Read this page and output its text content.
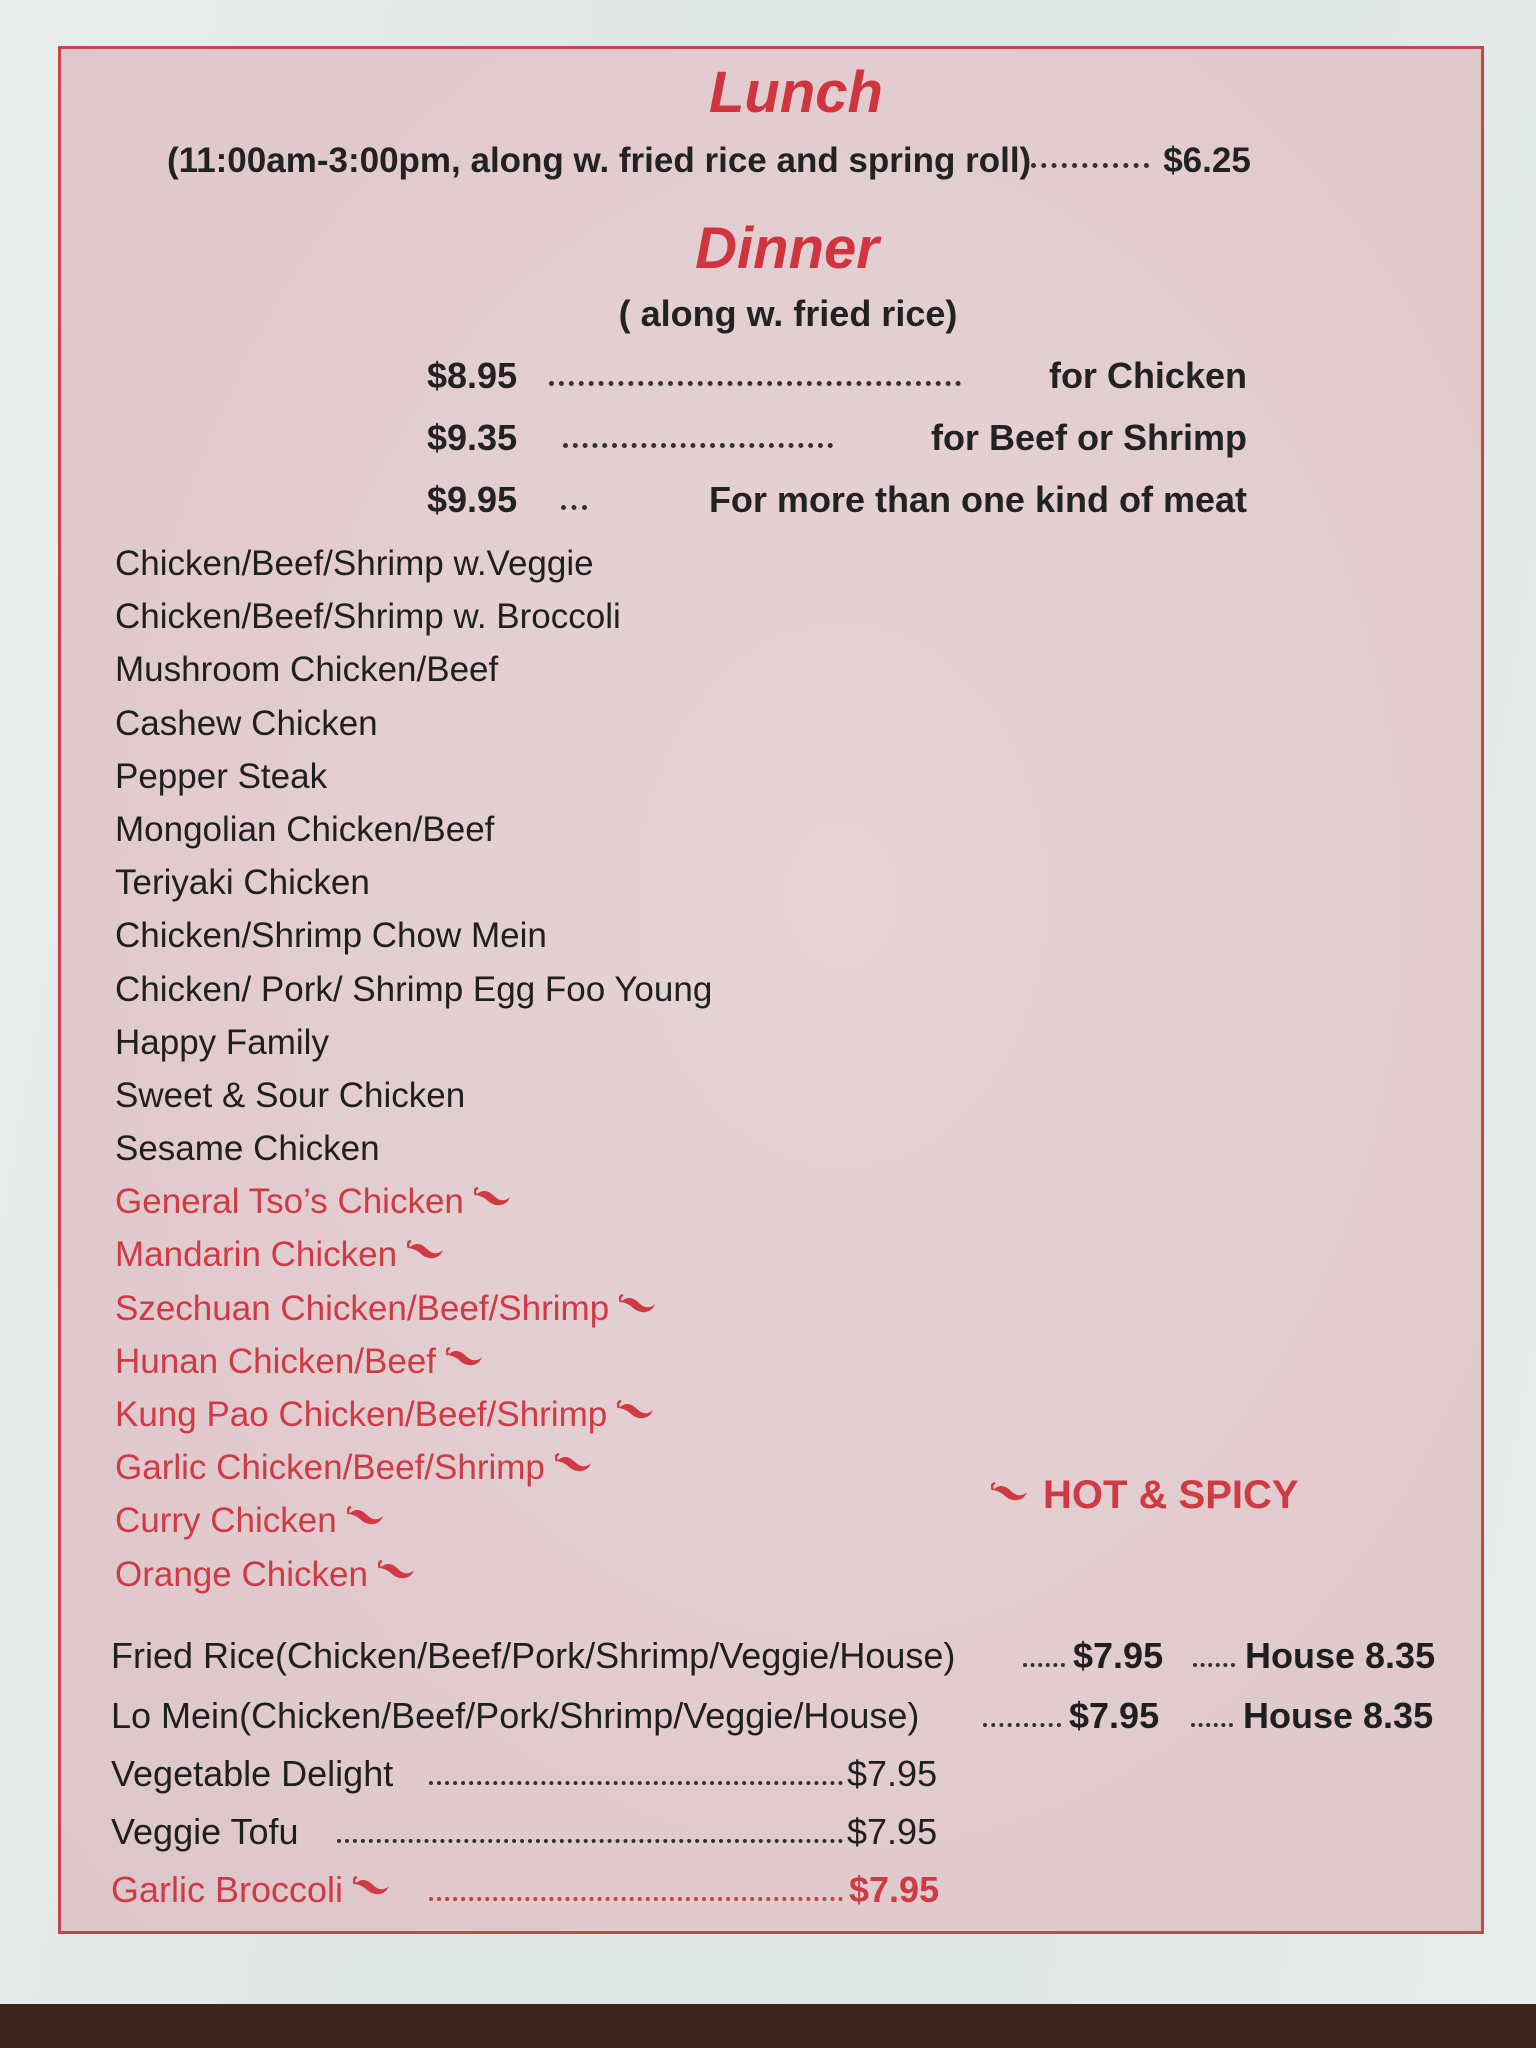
Lunch
(11:00am-3:00pm, along w. fried rice and spring roll)	$6.25
Dinner
( along w. fried rice)
$8.95	for Chicken
$9.35	for Beef or Shrimp
$9.95	For more than one kind of meat
Chicken/Beef/Shrimp w.Veggie
Chicken/Beef/Shrimp w. Broccoli
Mushroom Chicken/Beef
Cashew Chicken
Pepper Steak
Mongolian Chicken/Beef
Teriyaki Chicken
Chicken/Shrimp Chow Mein
Chicken/ Pork/ Shrimp Egg Foo Young
Happy Family
Sweet & Sour Chicken
Sesame Chicken
General Tso’s Chicken
Mandarin Chicken
Szechuan Chicken/Beef/Shrimp
Hunan Chicken/Beef
Kung Pao Chicken/Beef/Shrimp
Garlic Chicken/Beef/Shrimp
Curry Chicken
Orange Chicken
HOT & SPICY
Fried Rice(Chicken/Beef/Pork/Shrimp/Veggie/House)	$7.95 House 8.35
Lo Mein(Chicken/Beef/Pork/Shrimp/Veggie/House)	$7.95 House 8.35
Vegetable Delight	$7.95
Veggie Tofu	$7.95
Garlic Broccoli	$7.95
